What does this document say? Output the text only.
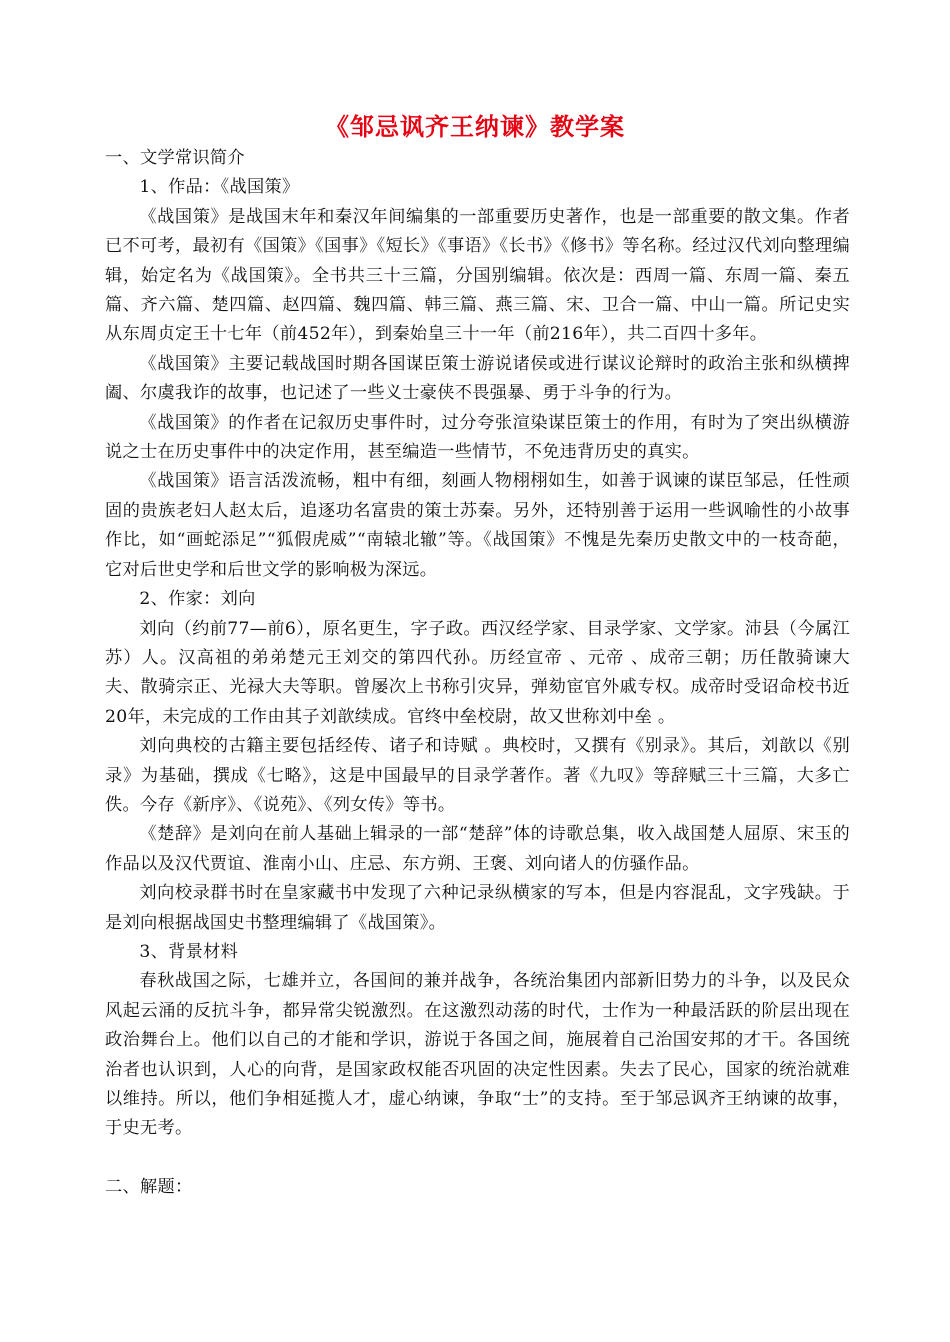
《邹忌讽齐王纳谏》教学案

一、文学常识简介

1、作品：《战国策》

《战国策》是战国末年和秦汉年间编集的一部重要历史著作，也是一部重要的散文集。作者已不可考，最初有《国策》《国事》《短长》《事语》《长书》《修书》等名称。经过汉代刘向整理编辑，始定名为《战国策》。全书共三十三篇，分国别编辑。依次是：西周一篇、东周一篇、秦五篇、齐六篇、楚四篇、赵四篇、魏四篇、韩三篇、燕三篇、宋、卫合一篇、中山一篇。所记史实从东周贞定王十七年（前452年），到秦始皇三十一年（前216年），共二百四十多年。

《战国策》主要记载战国时期各国谋臣策士游说诸侯或进行谋议论辩时的政治主张和纵横捭阖、尔虞我诈的故事，也记述了一些义士豪侠不畏强暴、勇于斗争的行为。

《战国策》的作者在记叙历史事件时，过分夸张渲染谋臣策士的作用，有时为了突出纵横游说之士在历史事件中的决定作用，甚至编造一些情节，不免违背历史的真实。

《战国策》语言活泼流畅，粗中有细，刻画人物栩栩如生，如善于讽谏的谋臣邹忌，任性顽固的贵族老妇人赵太后，追逐功名富贵的策士苏秦。另外，还特别善于运用一些讽喻性的小故事作比，如“画蛇添足”“狐假虎威”“南辕北辙”等。《战国策》不愧是先秦历史散文中的一枝奇葩，它对后世史学和后世文学的影响极为深远。

2、作家：刘向

刘向（约前77—前6），原名更生，字子政。西汉经学家、目录学家、文学家。沛县（今属江苏）人。汉高祖的弟弟楚元王刘交的第四代孙。历经宣帝 、元帝 、成帝三朝；历任散骑谏大夫、散骑宗正、光禄大夫等职。曾屡次上书称引灾异，弹劾宦官外戚专权。成帝时受诏命校书近20年，未完成的工作由其子刘歆续成。官终中垒校尉，故又世称刘中垒 。

刘向典校的古籍主要包括经传、诸子和诗赋 。典校时，又撰有《别录》。其后，刘歆以《别录》为基础，撰成《七略》，这是中国最早的目录学著作。著《九叹》等辞赋三十三篇，大多亡佚。今存《新序》、《说苑》、《列女传》等书。

《楚辞》是刘向在前人基础上辑录的一部“楚辞”体的诗歌总集，收入战国楚人屈原、宋玉的作品以及汉代贾谊、淮南小山、庄忌、东方朔、王褒、刘向诸人的仿骚作品。

刘向校录群书时在皇家藏书中发现了六种记录纵横家的写本，但是内容混乱，文字残缺。于是刘向根据战国史书整理编辑了《战国策》。

3、背景材料

春秋战国之际，七雄并立，各国间的兼并战争，各统治集团内部新旧势力的斗争，以及民众风起云涌的反抗斗争，都异常尖锐激烈。在这激烈动荡的时代，士作为一种最活跃的阶层出现在政治舞台上。他们以自己的才能和学识，游说于各国之间，施展着自己治国安邦的才干。各国统治者也认识到，人心的向背，是国家政权能否巩固的决定性因素。失去了民心，国家的统治就难以维持。所以，他们争相延揽人才，虚心纳谏，争取“士”的支持。至于邹忌讽齐王纳谏的故事，于史无考。

二、解题：
